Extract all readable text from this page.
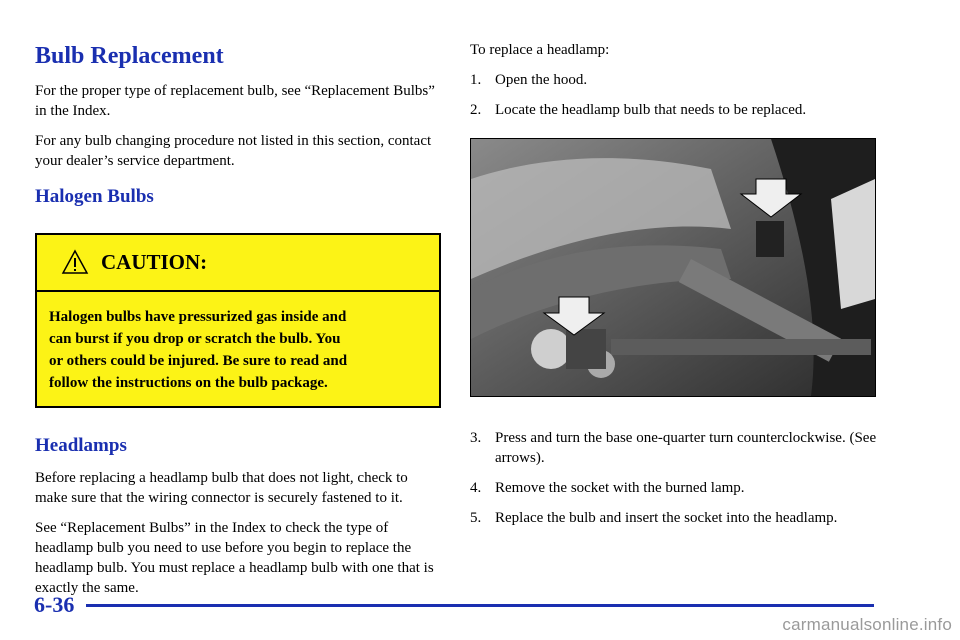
Bulb Replacement

For the proper type of replacement bulb, see “Replacement Bulbs” in the Index.

For any bulb changing procedure not listed in this section, contact your dealer’s service department.

Halogen Bulbs
CAUTION:
Halogen bulbs have pressurized gas inside and
can burst if you drop or scratch the bulb. You
or others could be injured. Be sure to read and
follow the instructions on the bulb package.
Headlamps

Before replacing a headlamp bulb that does not light, check to make sure that the wiring connector is securely fastened to it.

See “Replacement Bulbs” in the Index to check the type of headlamp bulb you need to use before you begin to replace the headlamp bulb. You must replace a headlamp bulb with one that is exactly the same.

To replace a headlamp:

1. Open the hood.
2. Locate the headlamp bulb that needs to be replaced.
3. Press and turn the base one‑quarter turn counterclockwise. (See arrows).
4. Remove the socket with the burned lamp.
5. Replace the bulb and insert the socket into the headlamp.
6-36
carmanualsonline.info
